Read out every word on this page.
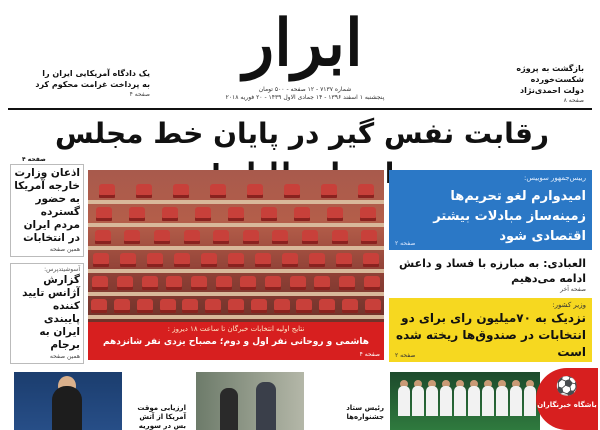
یک دادگاه آمریکایی ایران را
به پرداخت غرامت محکوم کرد
صفحه ۴
ابرار
شماره ۷۱۳۷ - ۱۲ صفحه - ۵۰۰ تومان
پنجشنبه ۱ اسفند ۱۳۹۶ - ۱۴ جمادی الاول ۱۴۳۹ - ۲۰ فوریه ۲۰۱۸
بازگشت به پروژه شکست‌خورده
دولت احمدی‌نژاد
صفحه ۸
رقابت نفس گیر در پایان خط مجلس
صفحه ۴
اذعان وزارت خارجه آمریکا به حضور گسترده مردم ایران در انتخابات
همین صفحه
آسوشیتدپرس:
گزارش آژانس تایید کننده پایبندی ایران به برجام
همین صفحه
نتایج اولیه انتخابات خبرگان تا ساعت ۱۸ دیروز :
هاشمی و روحانی نفر اول و دوم؛ مصباح یزدی نفر شانزدهم
صفحه ۴
رییس‌جمهور سوییس:
امیدوارم لغو تحریم‌ها زمینه‌ساز مبادلات بیشتر اقتصادی شود
صفحه ۲
العبادی: به مبارزه با فساد و داعش ادامه می‌دهیم
صفحه آخر
وزیر کشور:
نزدیک به ۷۰میلیون رای برای دو انتخابات در صندوق‌ها ریخته شده است
صفحه ۲
ارزیابی موقت آمریکا از آتش بس در سوریه
رئیس ستاد جشنواره‌ها
⚽
باشگاه خبرنگاران
